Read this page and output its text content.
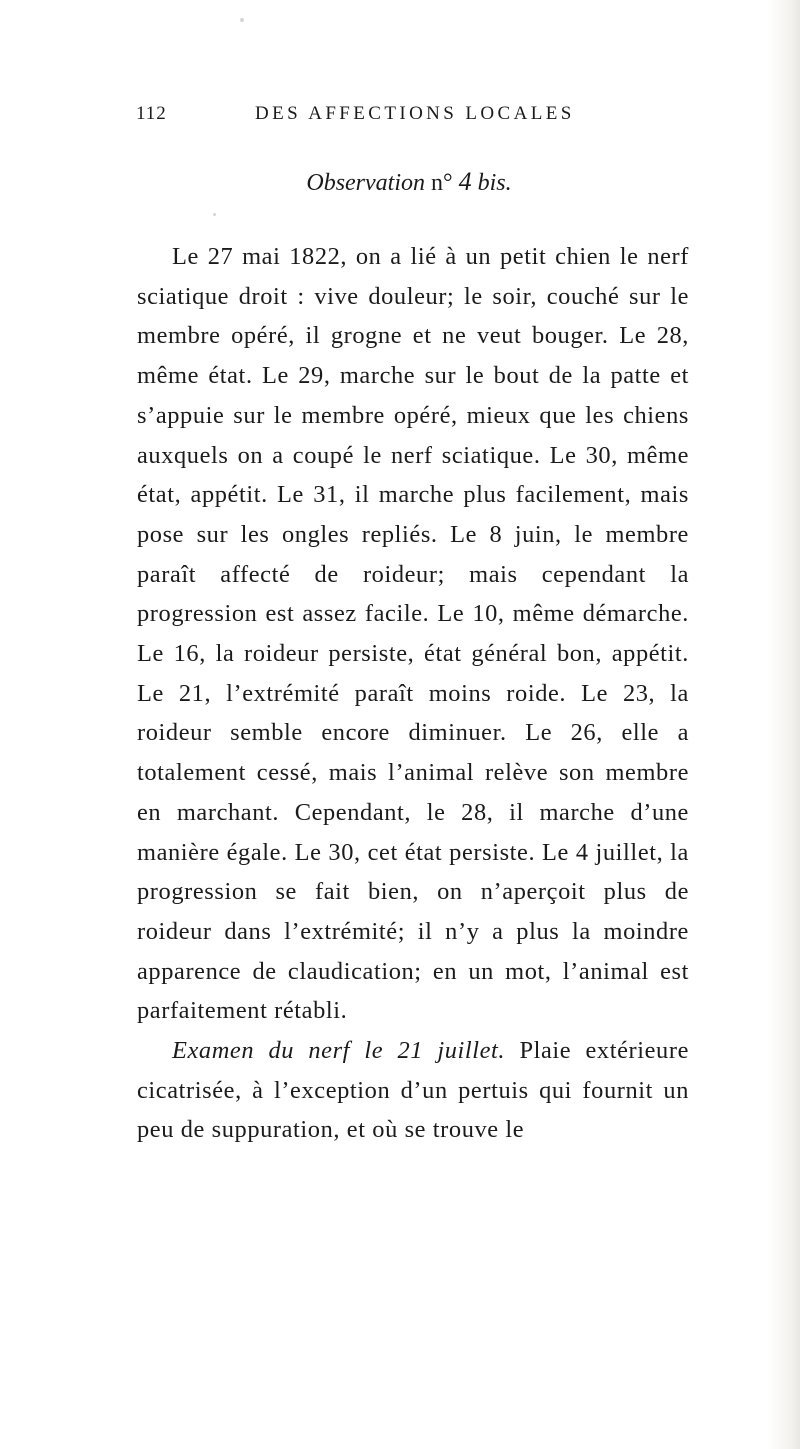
112	DES AFFECTIONS LOCALES
Observation n° 4 bis.

Le 27 mai 1822, on a lié à un petit chien le nerf sciatique droit : vive douleur; le soir, couché sur le membre opéré, il grogne et ne veut bouger. Le 28, même état. Le 29, marche sur le bout de la patte et s’appuie sur le membre opéré, mieux que les chiens auxquels on a coupé le nerf sciatique. Le 30, même état, appétit. Le 31, il marche plus facilement, mais pose sur les ongles repliés. Le 8 juin, le membre paraît affecté de roideur; mais cependant la progression est assez facile. Le 10, même démarche. Le 16, la roideur persiste, état général bon, appétit. Le 21, l’extrémité paraît moins roide. Le 23, la roideur semble encore diminuer. Le 26, elle a totalement cessé, mais l’animal relève son membre en marchant. Cependant, le 28, il marche d’une manière égale. Le 30, cet état persiste. Le 4 juillet, la progression se fait bien, on n’aperçoit plus de roideur dans l’extrémité; il n’y a plus la moindre apparence de claudication; en un mot, l’animal est parfaitement rétabli.

Examen du nerf le 21 juillet. Plaie extérieure cicatrisée, à l’exception d’un pertuis qui fournit un peu de suppuration, et où se trouve le
